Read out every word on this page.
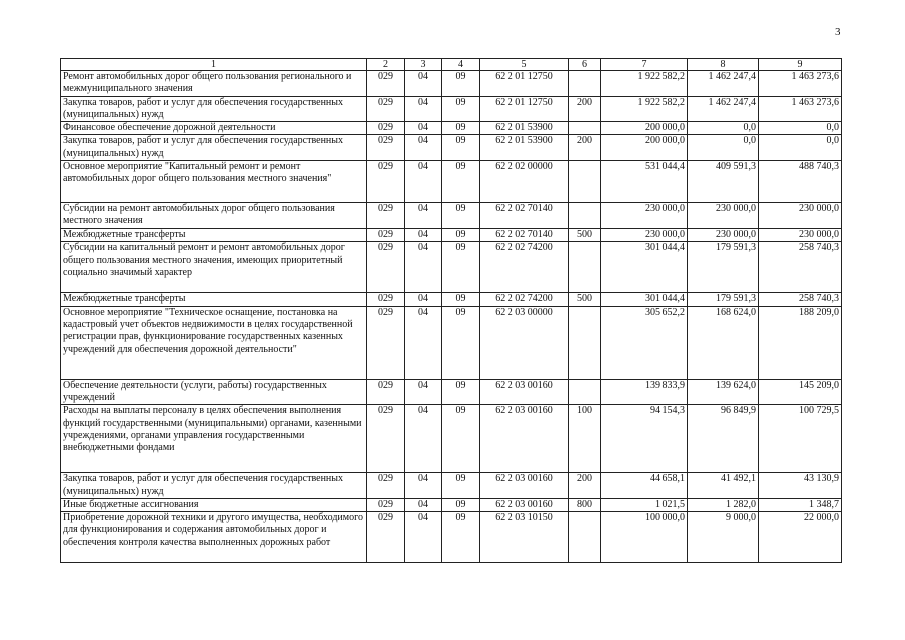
3
1	2	3	4	5	6	7	8	9
Ремонт автомобильных дорог общего пользования регионального и межмуниципального значения	029	04	09	62 2 01 12750		1 922 582,2	1 462 247,4	1 463 273,6
Закупка товаров, работ и услуг для обеспечения государственных (муниципальных) нужд	029	04	09	62 2 01 12750	200	1 922 582,2	1 462 247,4	1 463 273,6
Финансовое обеспечение дорожной деятельности	029	04	09	62 2 01 53900		200 000,0	0,0	0,0
Закупка товаров, работ и услуг для обеспечения государственных (муниципальных) нужд	029	04	09	62 2 01 53900	200	200 000,0	0,0	0,0
Основное мероприятие "Капитальный ремонт и ремонт автомобильных дорог общего пользования местного значения"	029	04	09	62 2 02 00000		531 044,4	409 591,3	488 740,3
Субсидии на ремонт автомобильных дорог общего пользования местного значения	029	04	09	62 2 02 70140		230 000,0	230 000,0	230 000,0
Межбюджетные трансферты	029	04	09	62 2 02 70140	500	230 000,0	230 000,0	230 000,0
Субсидии на капитальный ремонт и ремонт автомобильных дорог общего пользования местного значения, имеющих приоритетный социально значимый характер	029	04	09	62 2 02 74200		301 044,4	179 591,3	258 740,3
Межбюджетные трансферты	029	04	09	62 2 02 74200	500	301 044,4	179 591,3	258 740,3
Основное мероприятие "Техническое оснащение, постановка на кадастровый учет объектов недвижимости в целях государственной регистрации прав, функционирование государственных казенных учреждений для обеспечения дорожной деятельности"	029	04	09	62 2 03 00000		305 652,2	168 624,0	188 209,0
Обеспечение деятельности (услуги, работы) государственных учреждений	029	04	09	62 2 03 00160		139 833,9	139 624,0	145 209,0
Расходы на выплаты персоналу в целях обеспечения выполнения функций государственными (муниципальными) органами, казенными учреждениями, органами управления государственными внебюджетными фондами	029	04	09	62 2 03 00160	100	94 154,3	96 849,9	100 729,5
Закупка товаров, работ и услуг для обеспечения государственных (муниципальных) нужд	029	04	09	62 2 03 00160	200	44 658,1	41 492,1	43 130,9
Иные бюджетные ассигнования	029	04	09	62 2 03 00160	800	1 021,5	1 282,0	1 348,7
Приобретение дорожной техники и другого имущества, необходимого для функционирования и содержания автомобильных дорог и обеспечения контроля качества выполненных дорожных работ	029	04	09	62 2 03 10150		100 000,0	9 000,0	22 000,0
